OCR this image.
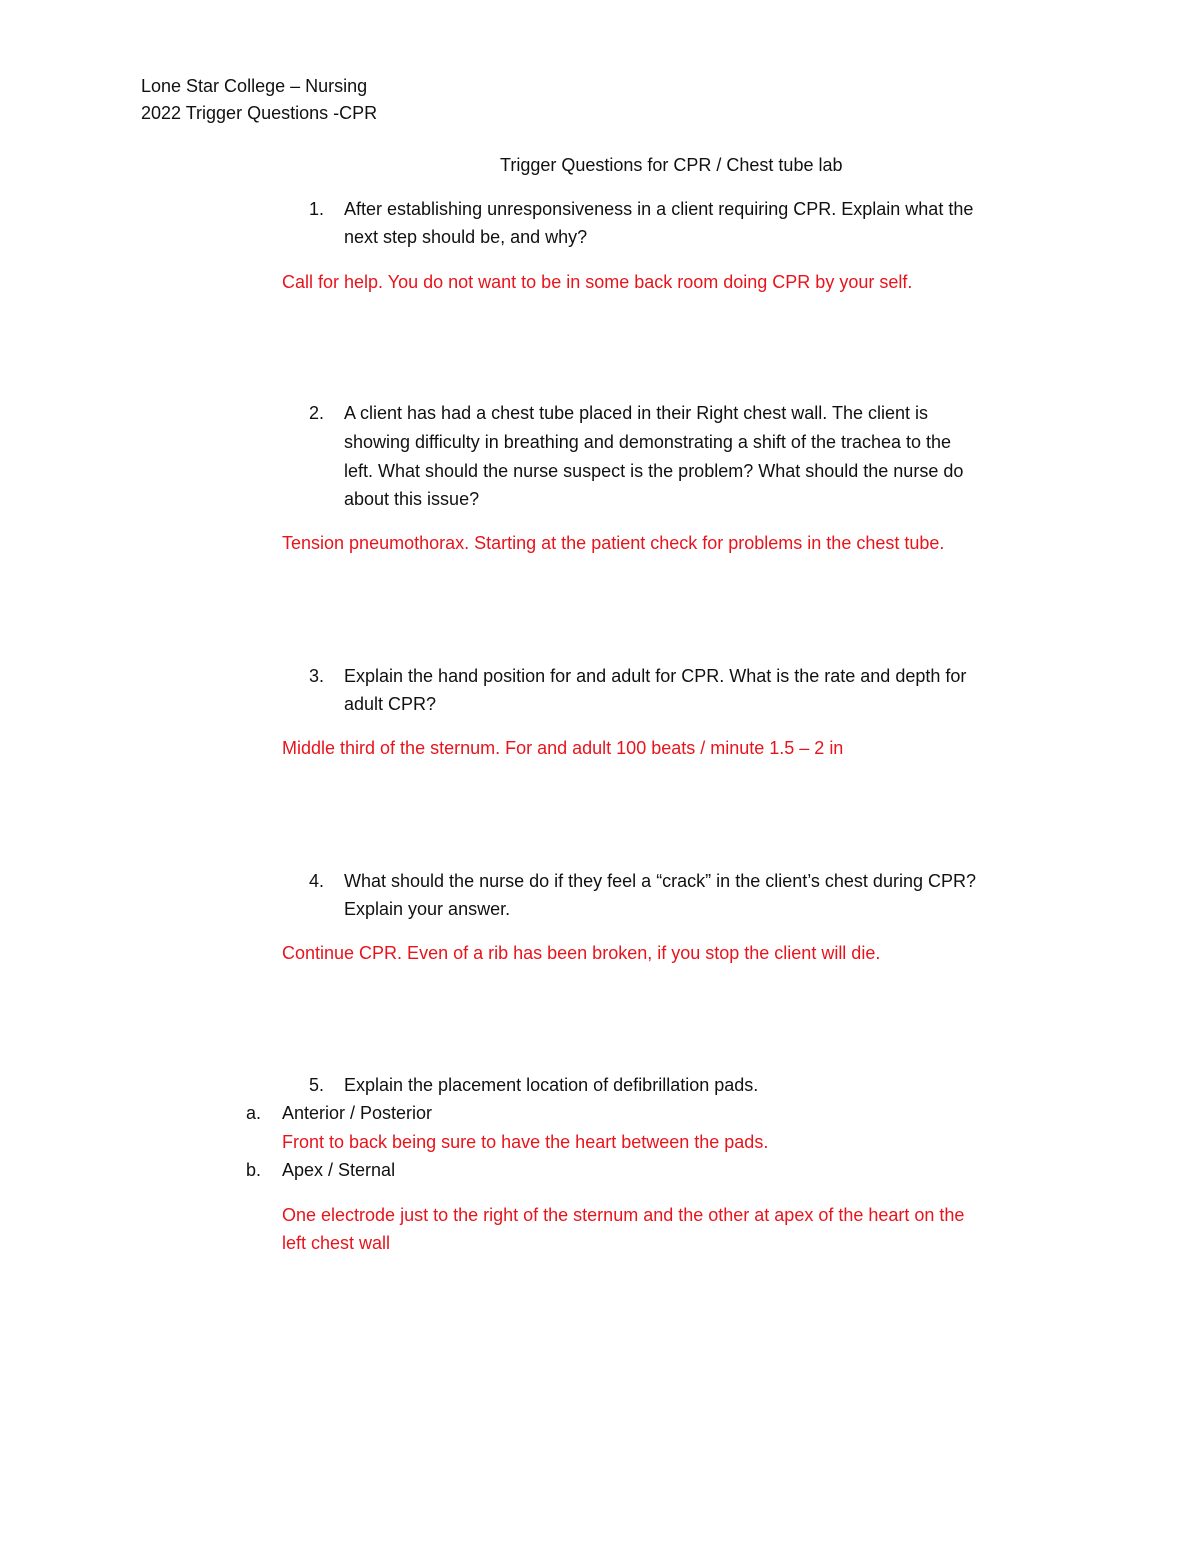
Lone Star College – Nursing
2022 Trigger Questions -CPR
Trigger Questions for CPR / Chest tube lab
1. After establishing unresponsiveness in a client requiring CPR. Explain what the
next step should be, and why?
Call for help. You do not want to be in some back room doing CPR by your self.
2. A client has had a chest tube placed in their Right chest wall. The client is
showing difficulty in breathing and demonstrating a shift of the trachea to the
left. What should the nurse suspect is the problem? What should the nurse do
about this issue?
Tension pneumothorax. Starting at the patient check for problems in the chest tube.
3. Explain the hand position for and adult for CPR. What is the rate and depth for
adult CPR?
Middle third of the sternum. For and adult 100 beats / minute 1.5 – 2 in
4. What should the nurse do if they feel a “crack” in the client’s chest during CPR?
Explain your answer.
Continue CPR. Even of a rib has been broken, if you stop the client will die.
5. Explain the placement location of defibrillation pads.
a. Anterior / Posterior
Front to back being sure to have the heart between the pads.
b. Apex / Sternal
One electrode just to the right of the sternum and the other at apex of the heart on the
left chest wall
